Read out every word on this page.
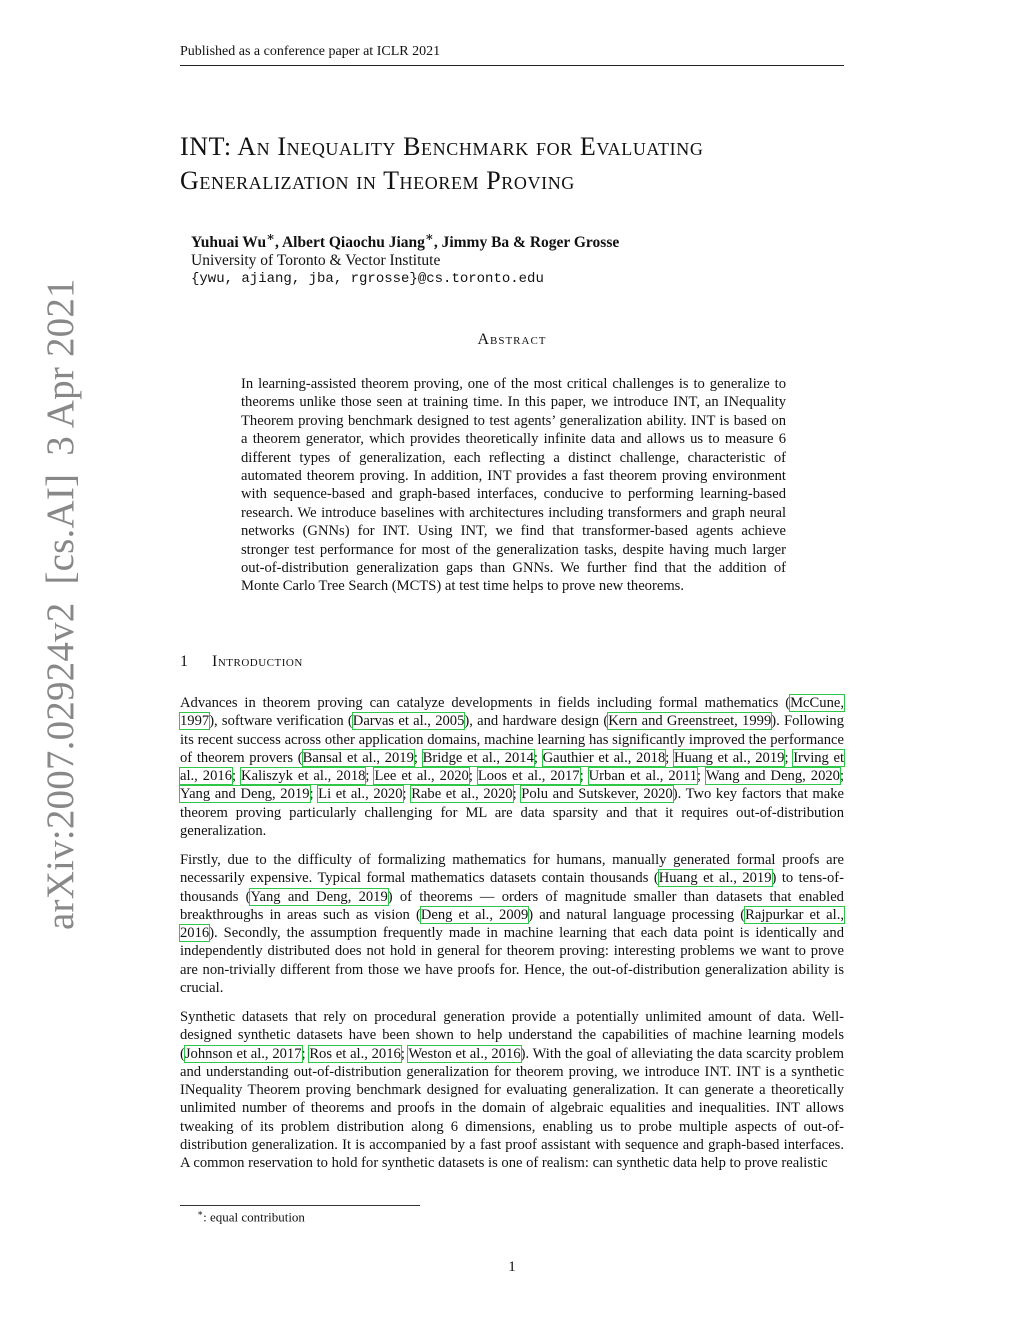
Published as a conference paper at ICLR 2021
arXiv:2007.02924v2[cs.AI]3 Apr 2021
INT: An Inequality Benchmark for Evaluating
Generalization in Theorem Proving
Yuhuai Wu∗, Albert Qiaochu Jiang∗, Jimmy Ba & Roger Grosse
University of Toronto & Vector Institute
{ywu, ajiang, jba, rgrosse}@cs.toronto.edu
Abstract

In learning-assisted theorem proving, one of the most critical challenges is to generalize to theorems unlike those seen at training time. In this paper, we introduce INT, an INequality Theorem proving benchmark designed to test agents’ generalization ability. INT is based on a theorem generator, which provides theoretically infinite data and allows us to measure 6 different types of generalization, each reflecting a distinct challenge, characteristic of automated theorem proving. In addition, INT provides a fast theorem proving environment with sequence-based and graph-based interfaces, conducive to performing learning-based research. We introduce baselines with architectures including transformers and graph neural networks (GNNs) for INT. Using INT, we find that transformer-based agents achieve stronger test performance for most of the generalization tasks, despite having much larger out-of-distribution generalization gaps than GNNs. We further find that the addition of Monte Carlo Tree Search (MCTS) at test time helps to prove new theorems.

1 Introduction

Advances in theorem proving can catalyze developments in fields including formal mathematics (McCune, 1997), software verification (Darvas et al., 2005), and hardware design (Kern and Greenstreet, 1999). Following its recent success across other application domains, machine learning has significantly improved the performance of theorem provers (Bansal et al., 2019; Bridge et al., 2014; Gauthier et al., 2018; Huang et al., 2019; Irving et al., 2016; Kaliszyk et al., 2018; Lee et al., 2020; Loos et al., 2017; Urban et al., 2011; Wang and Deng, 2020; Yang and Deng, 2019; Li et al., 2020; Rabe et al., 2020; Polu and Sutskever, 2020). Two key factors that make theorem proving particularly challenging for ML are data sparsity and that it requires out-of-distribution generalization.

Firstly, due to the difficulty of formalizing mathematics for humans, manually generated formal proofs are necessarily expensive. Typical formal mathematics datasets contain thousands (Huang et al., 2019) to tens-of-thousands (Yang and Deng, 2019) of theorems — orders of magnitude smaller than datasets that enabled breakthroughs in areas such as vision (Deng et al., 2009) and natural language processing (Rajpurkar et al., 2016). Secondly, the assumption frequently made in machine learning that each data point is identically and independently distributed does not hold in general for theorem proving: interesting problems we want to prove are non-trivially different from those we have proofs for. Hence, the out-of-distribution generalization ability is crucial.

Synthetic datasets that rely on procedural generation provide a potentially unlimited amount of data. Well-designed synthetic datasets have been shown to help understand the capabilities of machine learning models (Johnson et al., 2017; Ros et al., 2016; Weston et al., 2016). With the goal of alleviating the data scarcity problem and understanding out-of-distribution generalization for theorem proving, we introduce INT. INT is a synthetic INequality Theorem proving benchmark designed for evaluating generalization. It can generate a theoretically unlimited number of theorems and proofs in the domain of algebraic equalities and inequalities. INT allows tweaking of its problem distribution along 6 dimensions, enabling us to probe multiple aspects of out-of-distribution generalization. It is accompanied by a fast proof assistant with sequence and graph-based interfaces. A common reservation to hold for synthetic datasets is one of realism: can synthetic data help to prove realistic

∗: equal contribution
1
